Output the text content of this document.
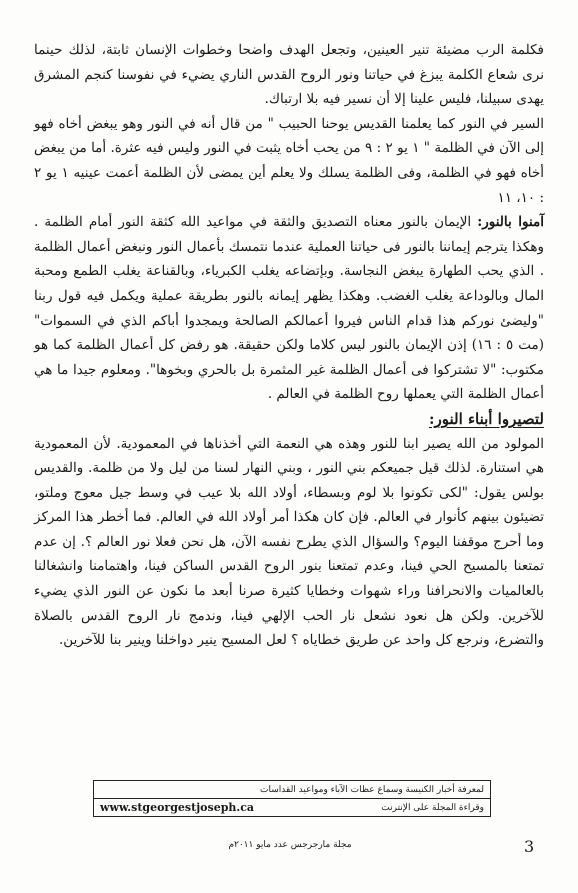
فكلمة الرب مضيئة تنير العينين، وتجعل الهدف واضحا وخطوات الإنسان ثابتة، لذلك حينما نرى شعاع الكلمة يبزغ في حياتنا ونور الروح القدس الناري يضيء في نفوسنا كنجم المشرق يهدى سبيلنا، فليس علينا إلا أن نسير فيه بلا ارتباك.

السير في النور كما يعلمنا القديس يوحنا الحبيب " من قال أنه في النور وهو يبغض أخاه فهو إلى الآن في الظلمة " ١ يو ٢ : ٩ من يحب أخاه يثبت في النور وليس فيه عثرة. أما من يبغض أخاه فهو في الظلمة، وفى الظلمة يسلك ولا يعلم أين يمضى لأن الظلمة أعمت عينيه ١ يو ٢ : ١٠، ١١

آمنوا بالنور: الإيمان بالنور معناه التصديق والثقة في مواعيد الله كثقة النور أمام الظلمة . وهكذا يترجم إيماننا بالنور فى حياتنا العملية عندما نتمسك بأعمال النور ونبغض أعمال الظلمة . الذي يحب الطهارة يبغض النجاسة. وبإتضاعه يغلب الكبرياء، وبالقناعة يغلب الطمع ومحبة المال وبالوداعة يغلب الغضب. وهكذا يظهر إيمانه بالنور بطريقة عملية ويكمل فيه قول ربنا "وليضئ نوركم هذا قدام الناس فيروا أعمالكم الصالحة ويمجدوا أباكم الذي في السموات" (مت ٥ : ١٦) إذن الإيمان بالنور ليس كلاما ولكن حقيقة. هو رفض كل أعمال الظلمة كما هو مكتوب: "لا تشتركوا فى أعمال الظلمة غير المثمرة بل بالحري وبخوها". ومعلوم جيدا ما هي أعمال الظلمة التي يعملها روح الظلمة في العالم .

لتصيروا أبناء النور:

المولود من الله يصير ابنا للنور وهذه هي النعمة التي أخذناها في المعمودية. لأن المعمودية هي استنارة. لذلك قيل جميعكم بني النور ، وبني النهار لسنا من ليل ولا من ظلمة. والقديس بولس يقول: "لكى تكونوا بلا لوم وبسطاء، أولاد الله بلا عيب في وسط جيل معوج وملتو، تضيئون بينهم كأنوار في العالم. فإن كان هكذا أمر أولاد الله في العالم. فما أخطر هذا المركز وما أحرج موقفنا اليوم؟ والسؤال الذي يطرح نفسه الآن، هل نحن فعلا نور العالم ؟. إن عدم تمتعنا بالمسيح الحي فينا، وعدم تمتعنا بنور الروح القدس الساكن فينا، واهتمامنا وانشغالنا بالعالميات والانحرافنا وراء شهوات وخطايا كثيرة صرنا أبعد ما نكون عن النور الذي يضيء للآخرين. ولكن هل نعود نشعل نار الحب الإلهي فينا، وندمج نار الروح القدس بالصلاة والتضرع، ونرجع كل واحد عن طريق خطاياه ؟ لعل المسيح ينير دواخلنا وينير بنا للآخرين.

لمعرفة أخبار الكنيسة وسماع عظات الآباء ومواعيد القداسات
وقراءة المجلة على الإنترنت
www.stgeorgestjoseph.ca
مجلة مارجرجس عدد مايو ٢٠١١م	3
